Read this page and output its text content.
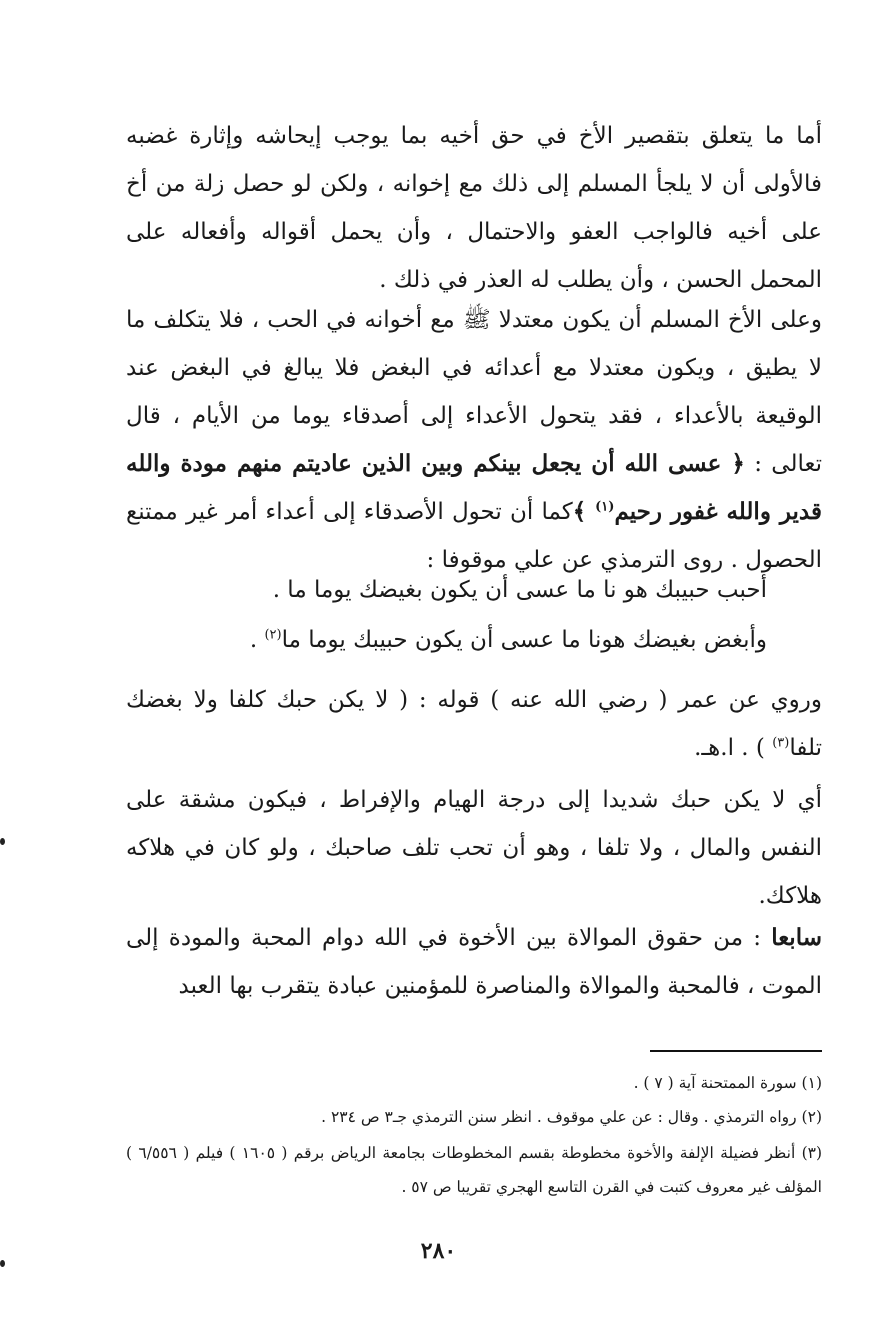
أما ما يتعلق بتقصير الأخ في حق أخيه بما يوجب إيحاشه وإثارة غضبه فالأولى أن لا يلجأ المسلم إلى ذلك مع إخوانه ، ولكن لو حصل زلة من أخ على أخيه فالواجب العفو والاحتمال ، وأن يحمل أقواله وأفعاله على المحمل الحسن ، وأن يطلب له العذر في ذلك .

وعلى الأخ المسلم أن يكون معتدلا ﷺ مع أخوانه في الحب ، فلا يتكلف ما لا يطيق ، ويكون معتدلا مع أعدائه في البغض فلا يبالغ في البغض عند الوقيعة بالأعداء ، فقد يتحول الأعداء إلى أصدقاء يوما من الأيام ، قال تعالى : ﴿ عسى الله أن يجعل بينكم وبين الذين عاديتم منهم مودة والله قدير والله غفور رحيم$^{(١)}$ ﴾كما أن تحول الأصدقاء إلى أعداء أمر غير ممتنع الحصول . روى الترمذي عن علي موقوفا :

أحبب حبيبك هو نا ما عسى أن يكون بغيضك يوما ما .

وأبغض بغيضك هونا ما عسى أن يكون حبيبك يوما ما$^{(٢)}$ .

وروي عن عمر ( رضي الله عنه ) قوله : ( لا يكن حبك كلفا ولا بغضك تلفا$^{(٣)}$ ) . ا.هـ.

أي لا يكن حبك شديدا إلى درجة الهيام والإفراط ، فيكون مشقة على النفس والمال ، ولا تلفا ، وهو أن تحب تلف صاحبك ، ولو كان في هلاكه هلاكك.

سابعا : من حقوق الموالاة بين الأخوة في الله دوام المحبة والمودة إلى الموت ، فالمحبة والموالاة والمناصرة للمؤمنين عبادة يتقرب بها العبد

(١) سورة الممتحنة آية ( ٧ ) .

(٢) رواه الترمذي . وقال : عن علي موقوف . انظر سنن الترمذي جـ٣ ص ٢٣٤ .

(٣) أنظر فضيلة الإلفة والأخوة مخطوطة بقسم المخطوطات بجامعة الرياض برقم ( ١٦٠٥ ) فيلم ( ٦/٥٥٦ ) المؤلف غير معروف كتبت في القرن التاسع الهجري تقريبا ص ٥٧ .

٢٨٠
